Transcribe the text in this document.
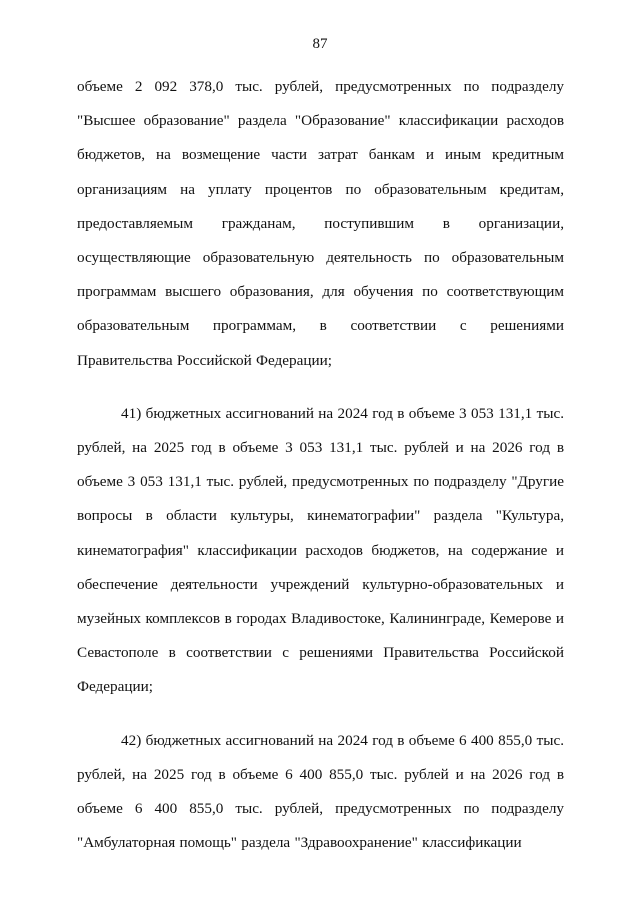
87

объеме 2 092 378,0 тыс. рублей, предусмотренных по подразделу "Высшее образование" раздела "Образование" классификации расходов бюджетов, на возмещение части затрат банкам и иным кредитным организациям на уплату процентов по образовательным кредитам, предоставляемым гражданам, поступившим в организации, осуществляющие образовательную деятельность по образовательным программам высшего образования, для обучения по соответствующим образовательным программам, в соответствии с решениями Правительства Российской Федерации;

41) бюджетных ассигнований на 2024 год в объеме 3 053 131,1 тыс. рублей, на 2025 год в объеме 3 053 131,1 тыс. рублей и на 2026 год в объеме 3 053 131,1 тыс. рублей, предусмотренных по подразделу "Другие вопросы в области культуры, кинематографии" раздела "Культура, кинематография" классификации расходов бюджетов, на содержание и обеспечение деятельности учреждений культурно-образовательных и музейных комплексов в городах Владивостоке, Калининграде, Кемерове и Севастополе в соответствии с решениями Правительства Российской Федерации;

42) бюджетных ассигнований на 2024 год в объеме 6 400 855,0 тыс. рублей, на 2025 год в объеме 6 400 855,0 тыс. рублей и на 2026 год в объеме 6 400 855,0 тыс. рублей, предусмотренных по подразделу "Амбулаторная помощь" раздела "Здравоохранение" классификации
